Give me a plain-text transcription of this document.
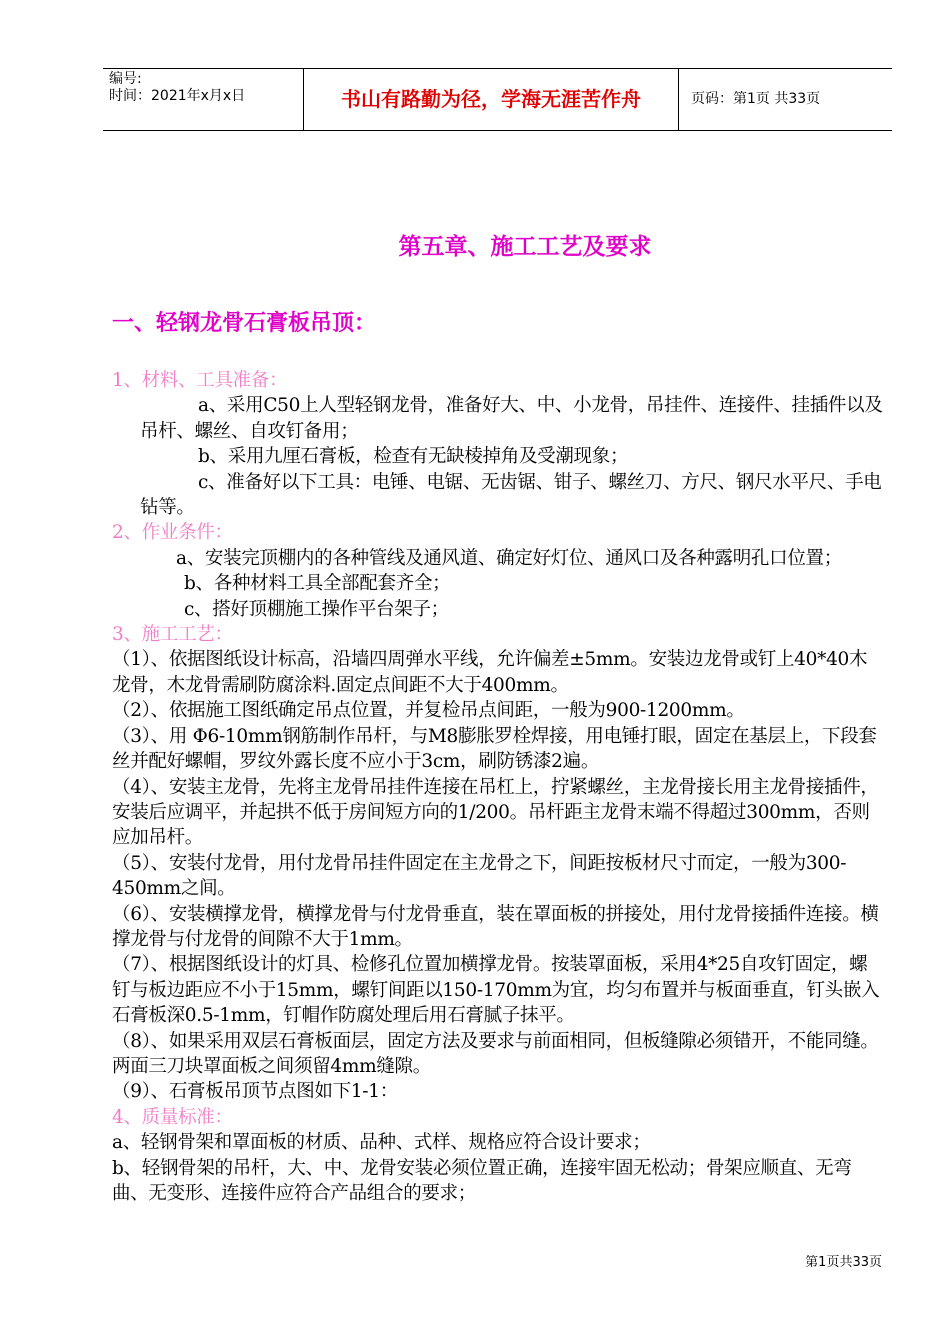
编号:
时间：2021年x月x日	书山有路勤为径，学海无涯苦作舟	页码：第1页 共33页
第五章、施工工艺及要求
一、轻钢龙骨石膏板吊顶：

1、材料、工具准备：

a、采用C50上人型轻钢龙骨，准备好大、中、小龙骨，吊挂件、连接件、挂插件以及吊杆、螺丝、自攻钉备用；

b、采用九厘石膏板，检查有无缺棱掉角及受潮现象；

c、准备好以下工具：电锤、电锯、无齿锯、钳子、螺丝刀、方尺、钢尺水平尺、手电钻等。

2、作业条件：

a、安装完顶棚内的各种管线及通风道、确定好灯位、通风口及各种露明孔口位置；

b、各种材料工具全部配套齐全；

c、搭好顶棚施工操作平台架子；

3、施工工艺：

（1）、依据图纸设计标高，沿墙四周弹水平线，允许偏差±5mm。安装边龙骨或钉上40*40木龙骨，木龙骨需刷防腐涂料.固定点间距不大于400mm。

（2）、依据施工图纸确定吊点位置，并复检吊点间距，一般为900-1200mm。

（3）、用 Φ6-10mm钢筋制作吊杆，与M8膨胀罗栓焊接，用电锤打眼，固定在基层上，下段套丝并配好螺帽，罗纹外露长度不应小于3cm，刷防锈漆2遍。

（4）、安装主龙骨，先将主龙骨吊挂件连接在吊杠上，拧紧螺丝，主龙骨接长用主龙骨接插件，安装后应调平，并起拱不低于房间短方向的1/200。吊杆距主龙骨末端不得超过300mm，否则应加吊杆。

（5）、安装付龙骨，用付龙骨吊挂件固定在主龙骨之下，间距按板材尺寸而定，一般为300-450mm之间。

（6）、安装横撑龙骨，横撑龙骨与付龙骨垂直，装在罩面板的拼接处，用付龙骨接插件连接。横撑龙骨与付龙骨的间隙不大于1mm。

（7）、根据图纸设计的灯具、检修孔位置加横撑龙骨。按装罩面板，采用4*25自攻钉固定，螺钉与板边距应不小于15mm，螺钉间距以150-170mm为宜，均匀布置并与板面垂直，钉头嵌入石膏板深0.5-1mm，钉帽作防腐处理后用石膏腻子抹平。

（8）、如果采用双层石膏板面层，固定方法及要求与前面相同，但板缝隙必须错开，不能同缝。两面三刀块罩面板之间须留4mm缝隙。

（9）、石膏板吊顶节点图如下1-1：

4、质量标准：

a、轻钢骨架和罩面板的材质、品种、式样、规格应符合设计要求；

b、轻钢骨架的吊杆，大、中、龙骨安装必须位置正确，连接牢固无松动；骨架应顺直、无弯曲、无变形、连接件应符合产品组合的要求；

第1页共33页
